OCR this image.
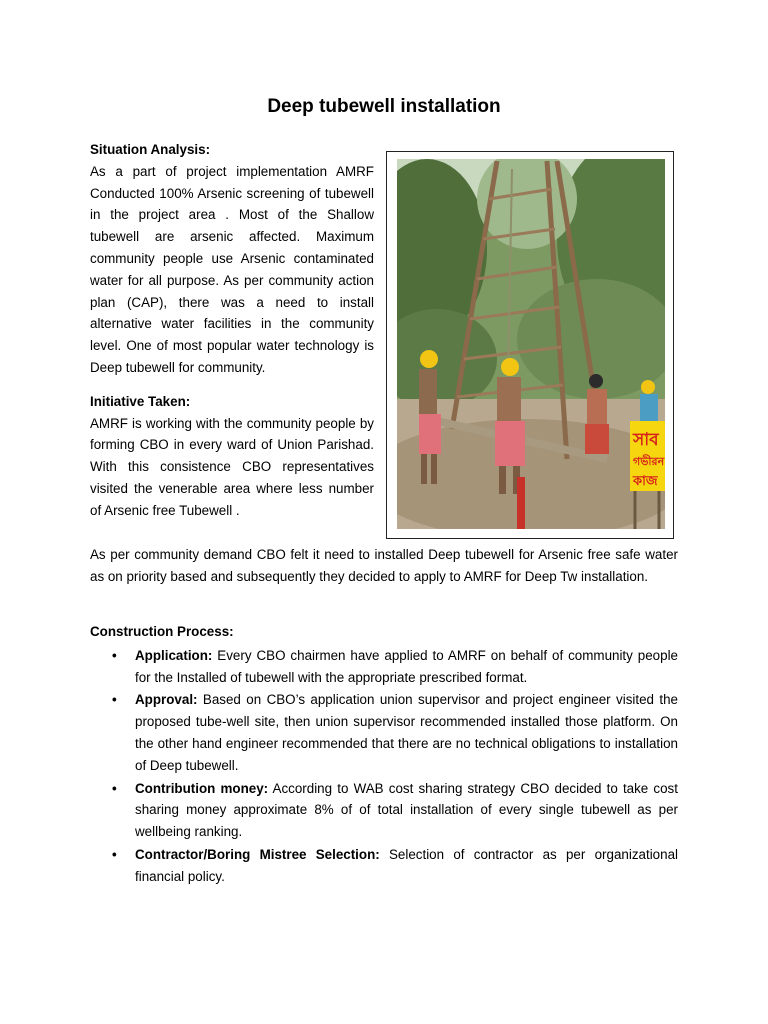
Deep tubewell installation

Situation Analysis:

As a part of project implementation AMRF Conducted 100% Arsenic screening of tubewell in the project area . Most of the Shallow tubewell are arsenic affected. Maximum community people use Arsenic contaminated water for all purpose. As per community action plan (CAP), there was a need to install alternative water facilities in the community level. One of most popular water technology is Deep tubewell for community.

Initiative Taken:

AMRF is working with the community people by forming CBO in every ward of Union Parishad. With this consistence CBO representatives visited the venerable area where less number of Arsenic free Tubewell .

সাব
গভীরন
কাজ

As per community demand CBO felt it need to installed Deep tubewell for Arsenic free safe water as on priority based and subsequently they decided to apply to AMRF for Deep Tw installation.

Construction Process:
• Application: Every CBO chairmen have applied to AMRF on behalf of community people for the Installed of tubewell with the appropriate prescribed format.
• Approval: Based on CBO’s application union supervisor and project engineer visited the proposed tube-well site, then union supervisor recommended installed those platform. On the other hand engineer recommended that there are no technical obligations to installation of Deep tubewell.
• Contribution money: According to WAB cost sharing strategy CBO decided to take cost sharing money approximate 8% of of total installation of every single tubewell as per wellbeing ranking.
• Contractor/Boring Mistree Selection: Selection of contractor as per organizational financial policy.
